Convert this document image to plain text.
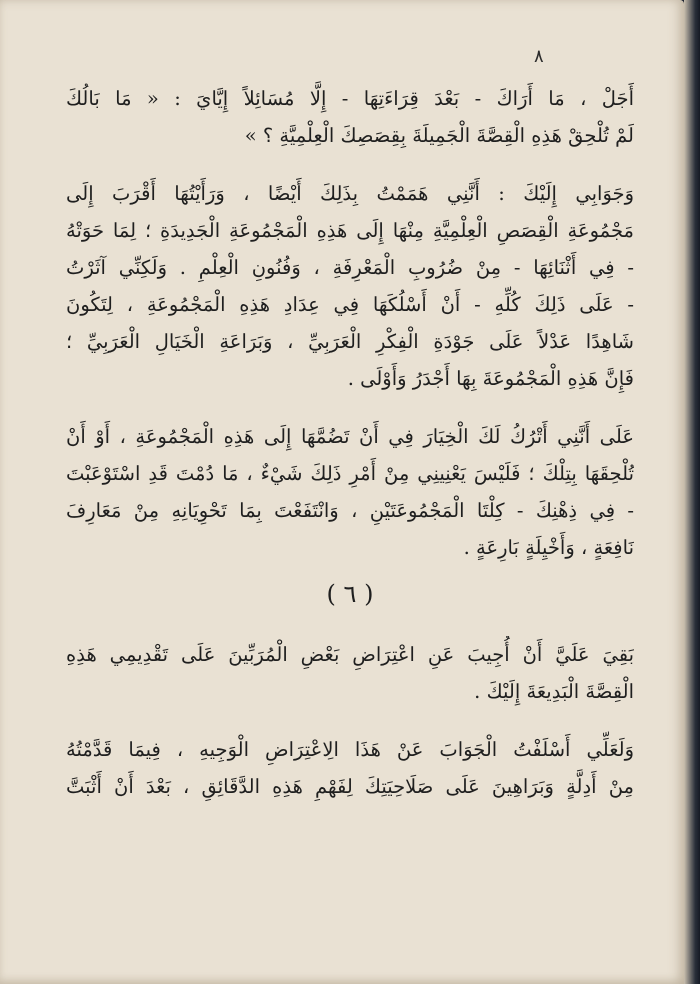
٨
أَجَلْ ، مَا أَرَاكَ - بَعْدَ قِرَاءَتِهَا - إِلَّا مُسَائِلاً إِيَّايَ : « مَا بَالُكَ
لَمْ تُلْحِقْ هَذِهِ الْقِصَّةَ الْجَمِيلَةَ بِقِصَصِكَ الْعِلْمِيَّةِ ؟ »
وَجَوَابِي إِلَيْكَ : أَنَّنِي هَمَمْتُ بِذَلِكَ أَيْضًا ، وَرَأَيْتُهَا أَقْرَبَ إِلَى
مَجْمُوعَةِ الْقِصَصِ الْعِلْمِيَّةِ مِنْهَا إِلَى هَذِهِ الْمَجْمُوعَةِ الْجَدِيدَةِ ؛ لِمَا حَوَتْهُ
- فِي أَثْنَائِهَا - مِنْ ضُرُوبِ الْمَعْرِفَةِ ، وَفُنُونِ الْعِلْمِ . وَلَكِنِّي آثَرْتُ
- عَلَى ذَلِكَ كُلِّهِ - أَنْ أَسْلُكَهَا فِي عِدَادِ هَذِهِ الْمَجْمُوعَةِ ، لِتَكُونَ
شَاهِدًا عَدْلاً عَلَى جَوْدَةِ الْفِكْرِ الْعَرَبِيِّ ، وَبَرَاعَةِ الْخَيَالِ الْعَرَبِيِّ ؛
فَإِنَّ هَذِهِ الْمَجْمُوعَةَ بِهَا أَجْدَرُ وَأَوْلَى .
عَلَى أَنَّنِي أَتْرُكُ لَكَ الْخِيَارَ فِي أَنْ تَضُمَّهَا إِلَى هَذِهِ الْمَجْمُوعَةِ ، أَوْ أَنْ
تُلْحِقَهَا بِتِلْكَ ؛ فَلَيْسَ يَعْنِينِي مِنْ أَمْرِ ذَلِكَ شَيْءٌ ، مَا دُمْتَ قَدِ اسْتَوْعَبْتَ
- فِي ذِهْنِكَ - كِلْتَا الْمَجْمُوعَتَيْنِ ، وَانْتَفَعْتَ بِمَا تَحْوِيَانِهِ مِنْ مَعَارِفَ
نَافِعَةٍ ، وَأَخْيِلَةٍ بَارِعَةٍ .
( ٦ )
بَقِيَ عَلَيَّ أَنْ أُجِيبَ عَنِ اعْتِرَاضِ بَعْضِ الْمُرَبِّينَ عَلَى تَقْدِيمِي هَذِهِ
الْقِصَّةَ الْبَدِيعَةَ إِلَيْكَ .
وَلَعَلِّي أَسْلَفْتُ الْجَوَابَ عَنْ هَذَا الِاعْتِرَاضِ الْوَجِيهِ ، فِيمَا قَدَّمْتُهُ
مِنْ أَدِلَّةٍ وَبَرَاهِينَ عَلَى صَلَاحِيَتِكَ لِفَهْمِ هَذِهِ الدَّقَائِقِ ، بَعْدَ أَنْ أَثْبَتَّ
